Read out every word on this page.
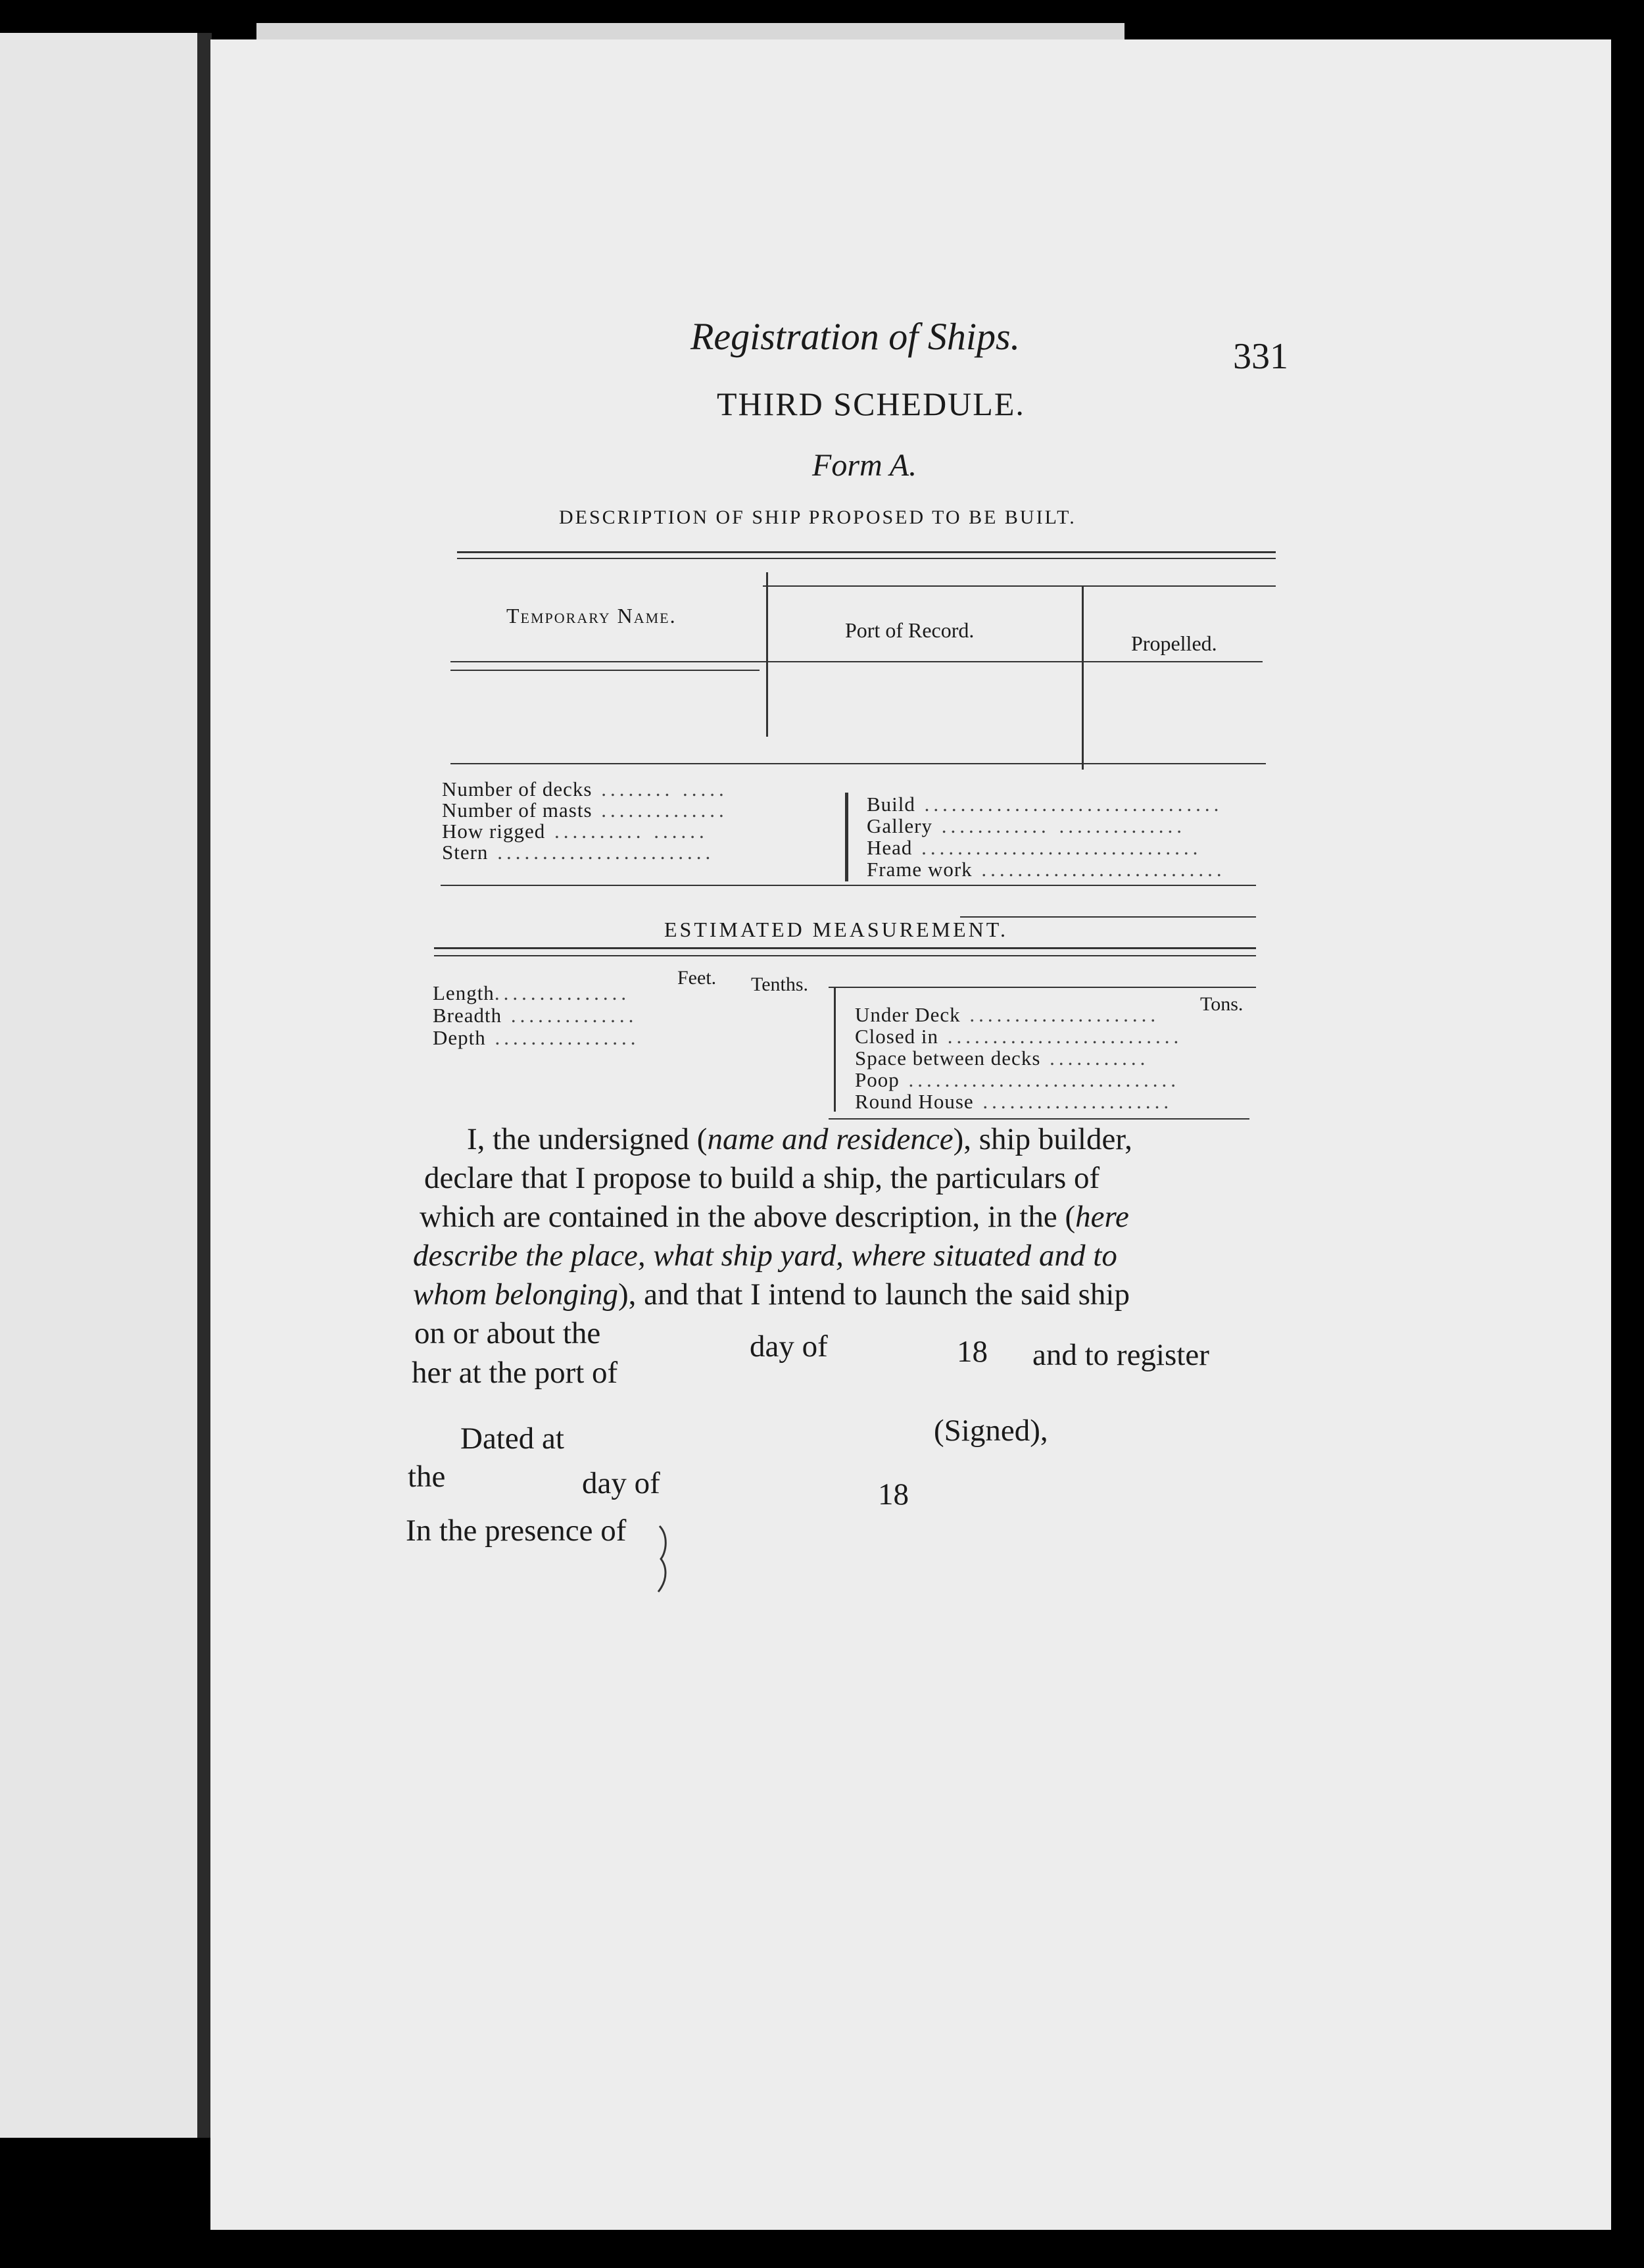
Registration of Ships.	331
THIRD SCHEDULE.
Form A.
DESCRIPTION OF SHIP PROPOSED TO BE BUILT.
Temporary Name.
Port of Record.
Propelled.
Number of decks ........ .....
Number of masts ..............
How rigged .......... ......
Stern ........................
Build .................................
Gallery ............ ..............
Head ...............................
Frame work ...........................
ESTIMATED MEASUREMENT.
Feet. Tenths.
Tons.
Length...............
Breadth ..............
Depth ................
Under Deck .....................
Closed in ..........................
Space between decks ...........
Poop ..............................
Round House .....................
I, the undersigned (name and residence), ship builder,
declare that I propose to build a ship, the particulars of
which are contained in the above description, in the (here
describe the place, what ship yard, where situated and to
whom belonging), and that I intend to launch the said ship
on or about the	day of	18 and to register
her at the port of
Dated at	(Signed),
the	day of	18
In the presence of
